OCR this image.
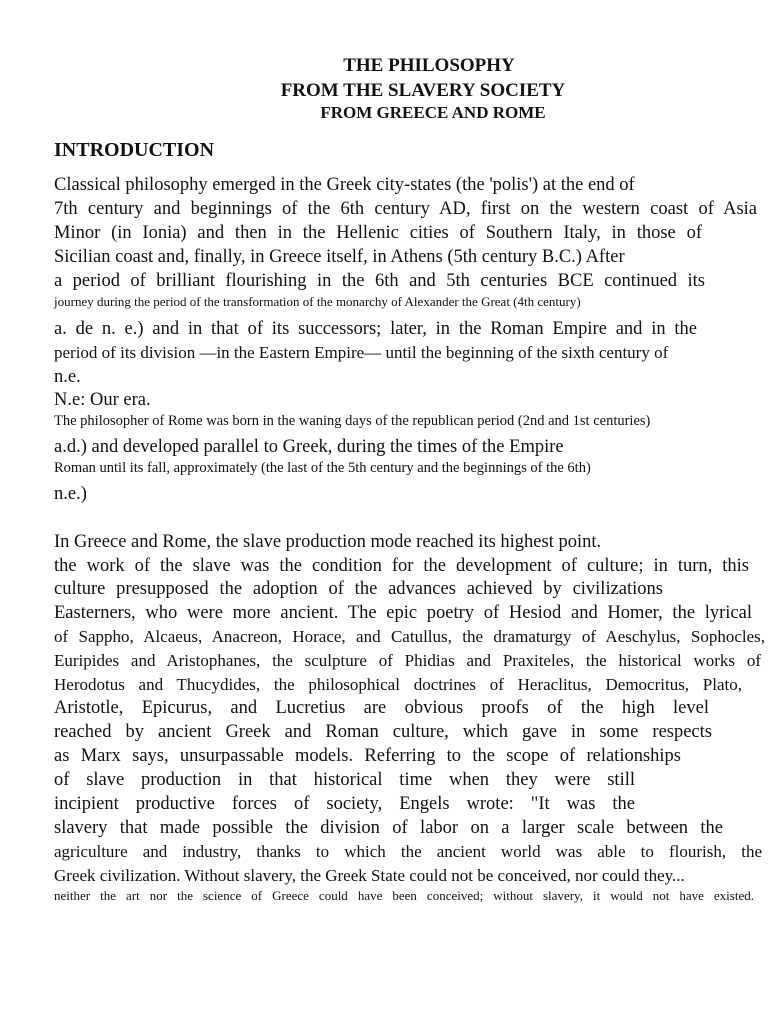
THE PHILOSOPHY
FROM THE SLAVERY SOCIETY
FROM GREECE AND ROME
INTRODUCTION
Classical philosophy emerged in the Greek city-states (the 'polis') at the end of
7th century and beginnings of the 6th century AD, first on the western coast of Asia
Minor (in Ionia) and then in the Hellenic cities of Southern Italy, in those of
Sicilian coast and, finally, in Greece itself, in Athens (5th century B.C.) After
a period of brilliant flourishing in the 6th and 5th centuries BCE continued its
journey during the period of the transformation of the monarchy of Alexander the Great (4th century)
a. de n. e.) and in that of its successors; later, in the Roman Empire and in the
period of its division —in the Eastern Empire— until the beginning of the sixth century of
n.e.
N.e: Our era.
The philosopher of Rome was born in the waning days of the republican period (2nd and 1st centuries)
a.d.) and developed parallel to Greek, during the times of the Empire
Roman until its fall, approximately (the last of the 5th century and the beginnings of the 6th)
n.e.)
In Greece and Rome, the slave production mode reached its highest point.
the work of the slave was the condition for the development of culture; in turn, this
culture presupposed the adoption of the advances achieved by civilizations
Easterners, who were more ancient. The epic poetry of Hesiod and Homer, the lyrical
of Sappho, Alcaeus, Anacreon, Horace, and Catullus, the dramaturgy of Aeschylus, Sophocles,
Euripides and Aristophanes, the sculpture of Phidias and Praxiteles, the historical works of
Herodotus and Thucydides, the philosophical doctrines of Heraclitus, Democritus, Plato,
Aristotle, Epicurus, and Lucretius are obvious proofs of the high level
reached by ancient Greek and Roman culture, which gave in some respects
as Marx says, unsurpassable models. Referring to the scope of relationships
of slave production in that historical time when they were still
incipient productive forces of society, Engels wrote: "It was the
slavery that made possible the division of labor on a larger scale between the
agriculture and industry, thanks to which the ancient world was able to flourish, the
Greek civilization. Without slavery, the Greek State could not be conceived, nor could they...
neither the art nor the science of Greece could have been conceived; without slavery, it would not have existed.
